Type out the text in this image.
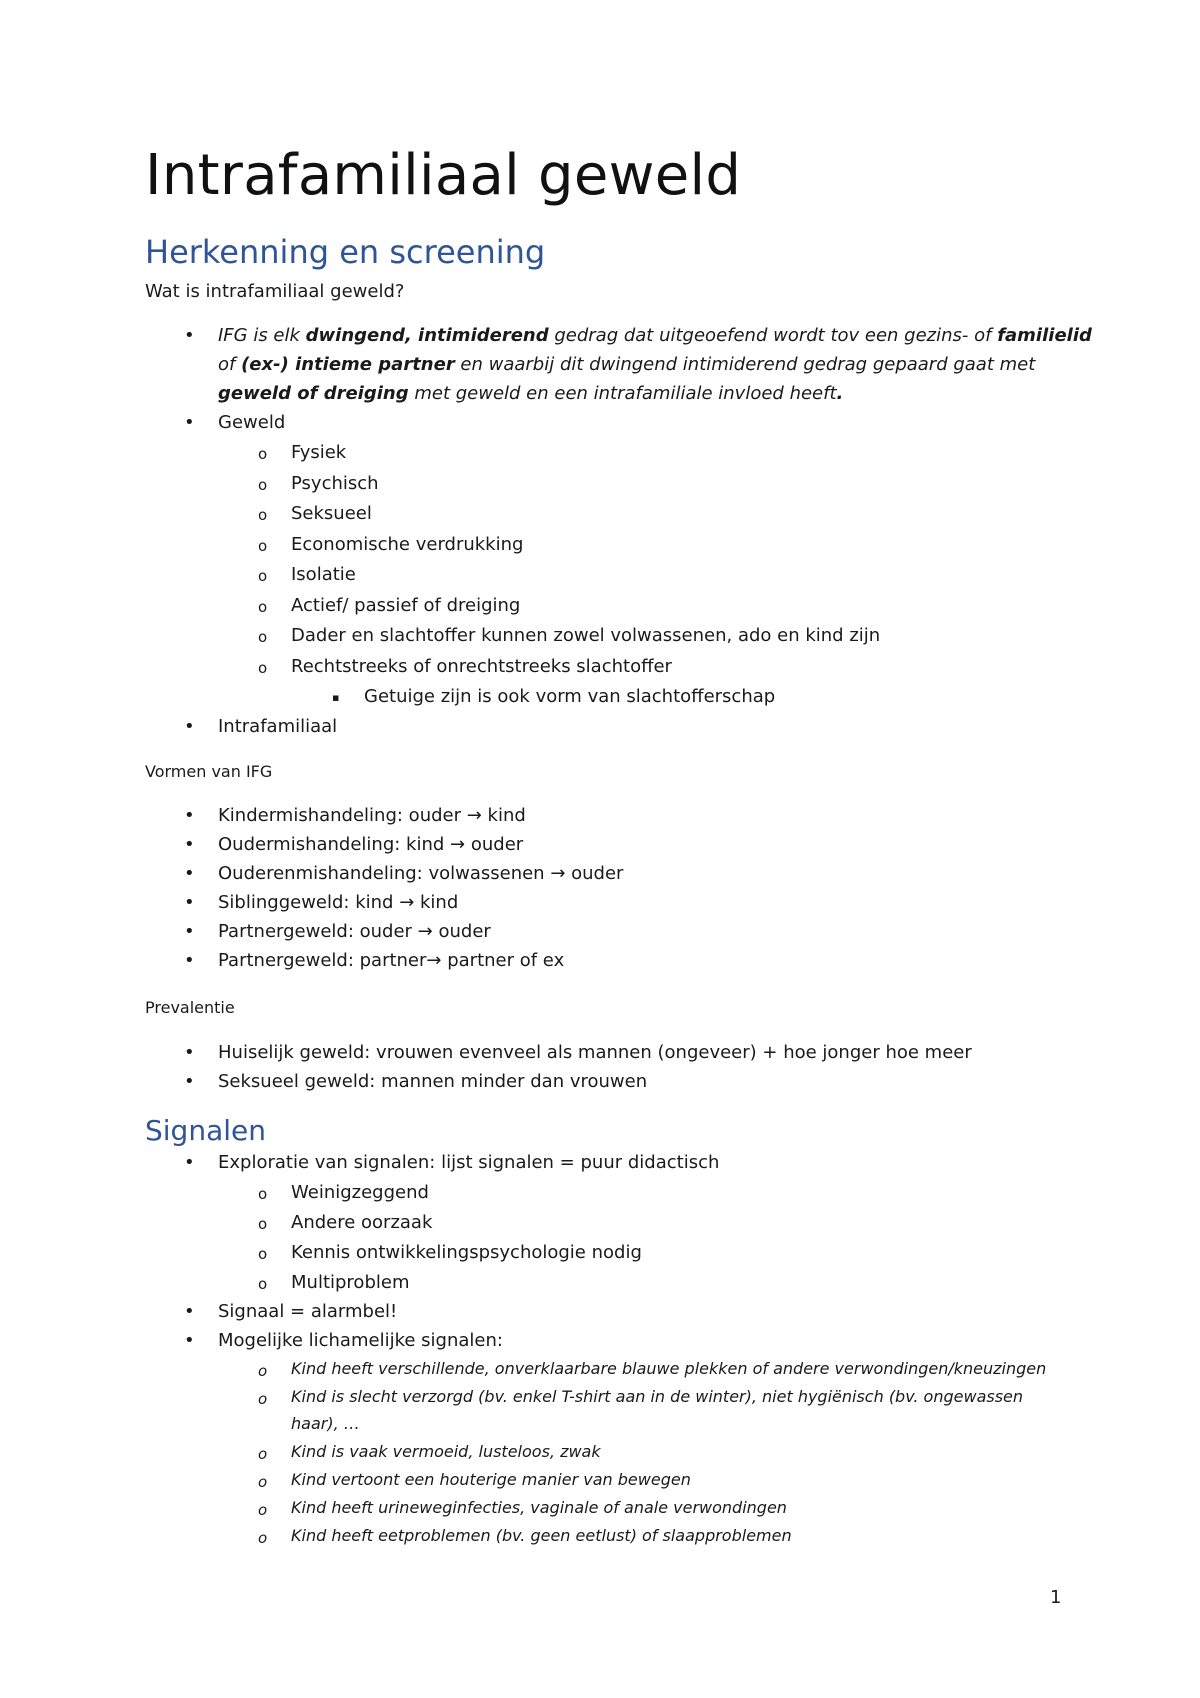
Intrafamiliaal geweld
Herkenning en screening
Wat is intrafamiliaal geweld?
• IFG is elk dwingend, intimiderend gedrag dat uitgeoefend wordt tov een gezins- of familielid
of (ex-) intieme partner en waarbij dit dwingend intimiderend gedrag gepaard gaat met
geweld of dreiging met geweld en een intrafamiliale invloed heeft.
• Geweld
o Fysiek
o Psychisch
o Seksueel
o Economische verdrukking
o Isolatie
o Actief/ passief of dreiging
o Dader en slachtoffer kunnen zowel volwassenen, ado en kind zijn
o Rechtstreeks of onrechtstreeks slachtoffer
▪ Getuige zijn is ook vorm van slachtofferschap
• Intrafamiliaal
Vormen van IFG
• Kindermishandeling: ouder → kind
• Oudermishandeling: kind → ouder
• Ouderenmishandeling: volwassenen → ouder
• Siblinggeweld: kind → kind
• Partnergeweld: ouder → ouder
• Partnergeweld: partner→ partner of ex
Prevalentie
• Huiselijk geweld: vrouwen evenveel als mannen (ongeveer) + hoe jonger hoe meer
• Seksueel geweld: mannen minder dan vrouwen
Signalen
• Exploratie van signalen: lijst signalen = puur didactisch
o Weinigzeggend
o Andere oorzaak
o Kennis ontwikkelingspsychologie nodig
o Multiproblem
• Signaal = alarmbel!
• Mogelijke lichamelijke signalen:
o Kind heeft verschillende, onverklaarbare blauwe plekken of andere verwondingen/kneuzingen
o Kind is slecht verzorgd (bv. enkel T-shirt aan in de winter), niet hygiënisch (bv. ongewassen
haar), …
o Kind is vaak vermoeid, lusteloos, zwak
o Kind vertoont een houterige manier van bewegen
o Kind heeft urineweginfecties, vaginale of anale verwondingen
o Kind heeft eetproblemen (bv. geen eetlust) of slaapproblemen
1
